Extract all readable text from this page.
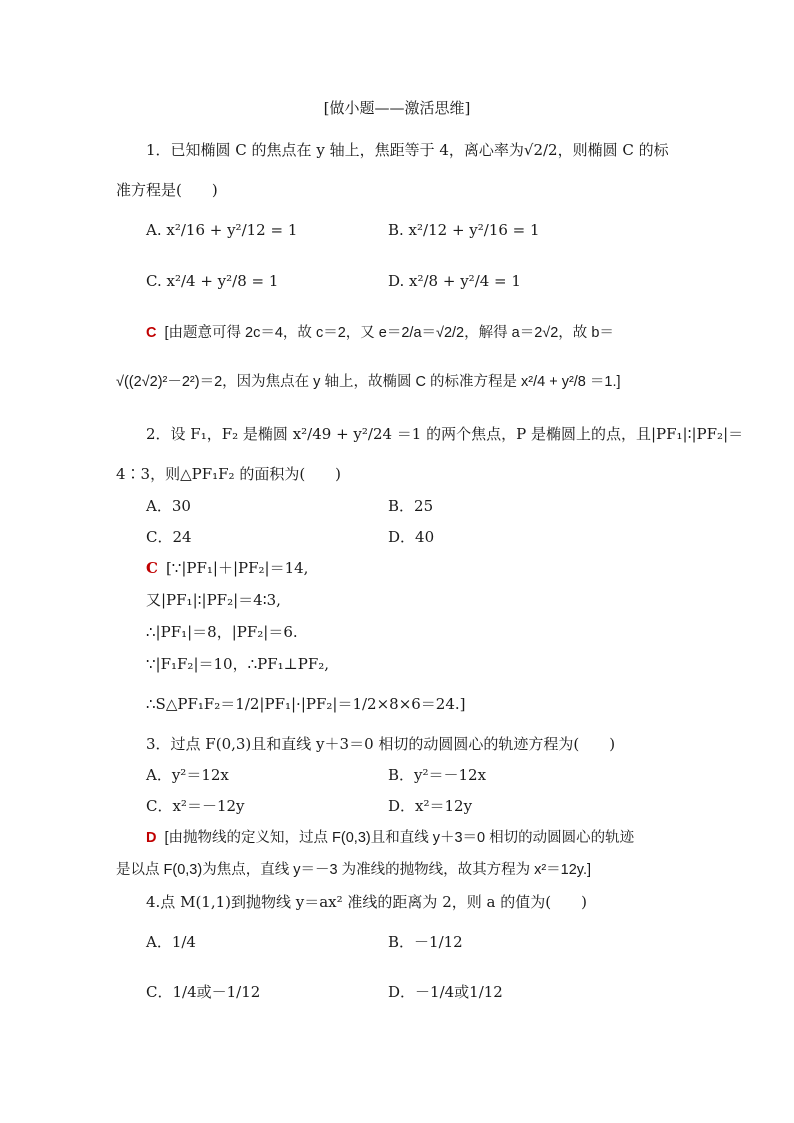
[做小题——激活思维]
1．已知椭圆 C 的焦点在 y 轴上，焦距等于 4，离心率为√2/2，则椭圆 C 的标
准方程是(　　)
A. x²/16 + y²/12 = 1	B. x²/12 + y²/16 = 1
C. x²/4 + y²/8 = 1	D. x²/8 + y²/4 = 1
C [由题意可得 2c＝4，故 c＝2，又 e＝2/a＝√2/2，解得 a＝2√2，故 b＝
√((2√2)²－2²)＝2，因为焦点在 y 轴上，故椭圆 C 的标准方程是 x²/4 + y²/8 ＝1.]
2．设 F₁，F₂ 是椭圆 x²/49 + y²/24 ＝1 的两个焦点，P 是椭圆上的点，且|PF₁|∶|PF₂|＝
4∶3，则△PF₁F₂ 的面积为(　　)
A．30	B．25
C．24	D．40
C [∵|PF₁|＋|PF₂|＝14,
又|PF₁|∶|PF₂|＝4∶3,
∴|PF₁|＝8，|PF₂|＝6.
∵|F₁F₂|＝10，∴PF₁⊥PF₂,
∴S△PF₁F₂＝1/2|PF₁|·|PF₂|＝1/2×8×6＝24.]
3．过点 F(0,3)且和直线 y＋3＝0 相切的动圆圆心的轨迹方程为(　　)
A．y²＝12x	B．y²＝－12x
C．x²＝－12y	D．x²＝12y
D [由抛物线的定义知，过点 F(0,3)且和直线 y＋3＝0 相切的动圆圆心的轨迹
是以点 F(0,3)为焦点，直线 y＝－3 为准线的抛物线，故其方程为 x²＝12y.]
4.点 M(1,1)到抛物线 y＝ax² 准线的距离为 2，则 a 的值为(　　)
A．1/4	B．－1/12
C．1/4或－1/12	D．－1/4或1/12
